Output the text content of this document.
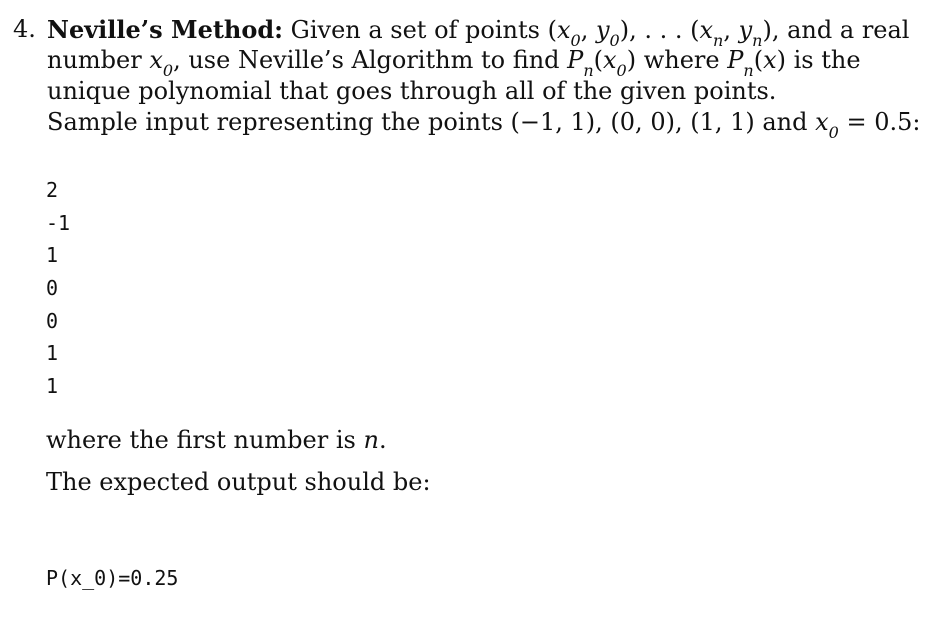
4. Neville’s Method: Given a set of points ($x_0$, $y_0$), . . . ($x_n$, $y_n$), and a real
number $x_0$, use Neville’s Algorithm to find $P_n(x_0)$ where $P_n(x)$ is the
unique polynomial that goes through all of the given points.
Sample input representing the points (−1, 1), (0, 0), (1, 1) and $x_0 = 0.5$:
2
-1
1
0
0
1
1
where the first number is n.
The expected output should be:
P(x_0)=0.25
